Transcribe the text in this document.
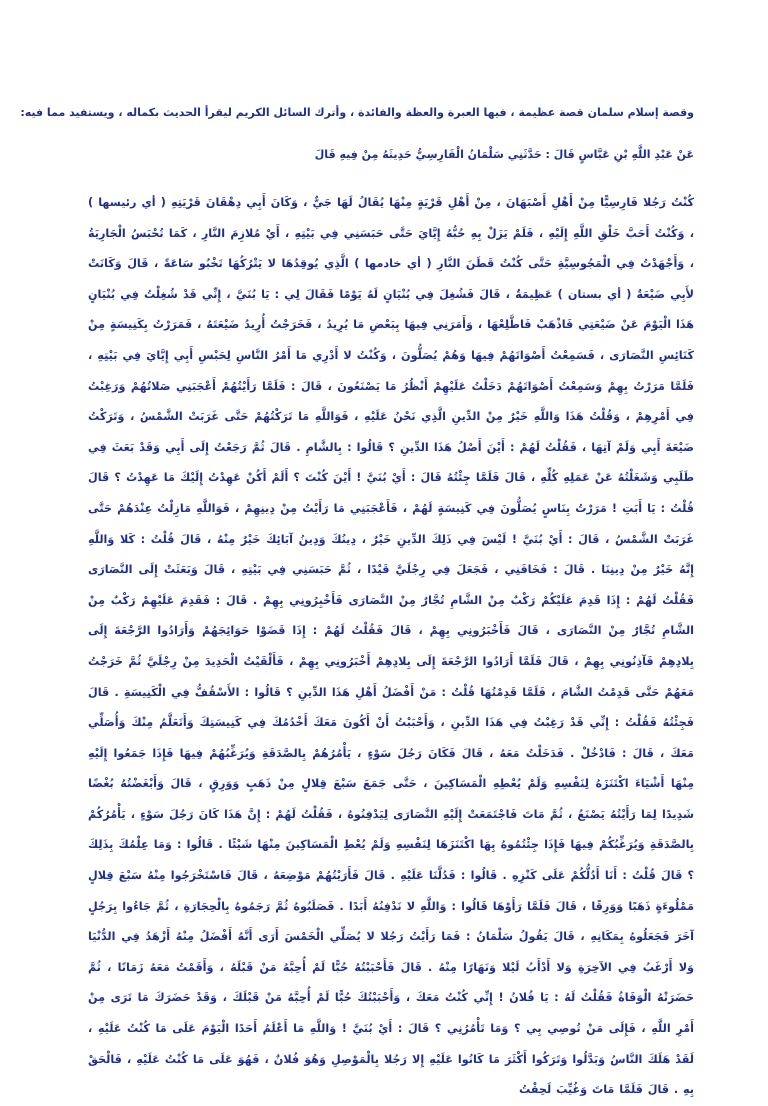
وقصة إسلام سلمان قصة عظيمة ، فيها العبرة والعظة والفائدة ، وأترك السائل الكريم ليقرأ الحديث بكماله ، ويستفيد مما فيه:

عَنْ عَبْدِ اللَّهِ بْنِ عَبَّاسٍ قَالَ : حَدَّثَنِي سَلْمَانُ الْفَارِسِيُّ حَدِيثَهُ مِنْ فِيهِ قَالَ

كُنْتُ رَجُلا فَارِسِيًّا مِنْ أَهْلِ أَصْبَهَانَ ، مِنْ أَهْلِ قَرْيَةٍ مِنْهَا يُقَالُ لَهَا جَيٌّ ، وَكَانَ أَبِي دِهْقَانَ قَرْيَتِهِ ( أي رئيسها ) ، وَكُنْتُ أَحَبَّ خَلْقِ اللَّهِ إِلَيْهِ ، فَلَمْ يَزَلْ بِهِ حُبُّهُ إِيَّايَ حَتَّى حَبَسَنِي فِي بَيْتِهِ ، أَيْ مُلازِمَ النَّارِ ، كَمَا تُحْبَسُ الْجَارِيَةُ ، وَأَجْهَدْتُ فِي الْمَجُوسِيَّةِ حَتَّى كُنْتُ قَطَنَ النَّارِ ( أي خادمها ) الَّذِي يُوقِدُهَا لا يَتْرُكُهَا تَخْبُو سَاعَةً ، قَالَ وَكَانَتْ لأَبِي ضَيْعَةٌ ( أي بستان ) عَظِيمَةٌ ، قَالَ فَشُغِلَ فِي بُنْيَانٍ لَهُ يَوْمًا فَقَالَ لِي : يَا بُنَيَّ ، إِنِّي قَدْ شُغِلْتُ فِي بُنْيَانٍ هَذَا الْيَوْمَ عَنْ ضَيْعَتِي فَاذْهَبْ فَاطَّلِعْهَا ، وَأَمَرَنِي فِيهَا بِبَعْضِ مَا يُرِيدُ ، فَخَرَجْتُ أُرِيدُ ضَيْعَتَهُ ، فَمَرَرْتُ بِكَنِيسَةٍ مِنْ كَنَائِسِ النَّصَارَى ، فَسَمِعْتُ أَصْوَاتَهُمْ فِيهَا وَهُمْ يُصَلُّونَ ، وَكُنْتُ لا أَدْرِي مَا أَمْرُ النَّاسِ لِحَبْسِ أَبِي إِيَّايَ فِي بَيْتِهِ ، فَلَمَّا مَرَرْتُ بِهِمْ وَسَمِعْتُ أَصْوَاتَهُمْ دَخَلْتُ عَلَيْهِمْ أَنْظُرُ مَا يَصْنَعُونَ ، قَالَ : فَلَمَّا رَأَيْتُهُمْ أَعْجَبَنِي صَلاتُهُمْ وَرَغِبْتُ فِي أَمْرِهِمْ ، وَقُلْتُ هَذَا وَاللَّهِ خَيْرٌ مِنْ الدِّينِ الَّذِي نَحْنُ عَلَيْهِ ، فَوَاللَّهِ مَا تَرَكْتُهُمْ حَتَّى غَرَبَتْ الشَّمْسُ ، وَتَرَكْتُ ضَيْعَةَ أَبِي وَلَمْ آتِهَا ، فَقُلْتُ لَهُمْ : أَيْنَ أَصْلُ هَذَا الدِّينِ ؟ قَالُوا : بِالشَّامِ . قَالَ ثُمَّ رَجَعْتُ إِلَى أَبِي وَقَدْ بَعَثَ فِي طَلَبِي وَشَغَلْتُهُ عَنْ عَمَلِهِ كُلِّهِ ، قَالَ فَلَمَّا جِئْتُهُ قَالَ : أَيْ بُنَيَّ ! أَيْنَ كُنْتَ ؟ أَلَمْ أَكُنْ عَهِدْتُ إِلَيْكَ مَا عَهِدْتُ ؟ قَالَ قُلْتُ : يَا أَبَتِ ! مَرَرْتُ بِنَاسٍ يُصَلُّونَ فِي كَنِيسَةٍ لَهُمْ ، فَأَعْجَبَنِي مَا رَأَيْتُ مِنْ دِينِهِمْ ، فَوَاللَّهِ مَازِلْتُ عِنْدَهُمْ حَتَّى غَرَبَتْ الشَّمْسُ ، قَالَ : أَيْ بُنَيَّ ! لَيْسَ فِي ذَلِكَ الدِّينِ خَيْرٌ ، دِينُكَ وَدِينُ آبَائِكَ خَيْرٌ مِنْهُ ، قَالَ قُلْتُ : كَلا وَاللَّهِ إِنَّهُ خَيْرٌ مِنْ دِينِنَا . قَالَ : فَخَافَنِي ، فَجَعَلَ فِي رِجْلَيَّ قَيْدًا ، ثُمَّ حَبَسَنِي فِي بَيْتِهِ ، قَالَ وَبَعَثَتْ إِلَى النَّصَارَى فَقُلْتُ لَهُمْ : إِذَا قَدِمَ عَلَيْكُمْ رَكْبٌ مِنْ الشَّامِ تُجَّارٌ مِنْ النَّصَارَى فَأَخْبِرُونِي بِهِمْ . قَالَ : فَقَدِمَ عَلَيْهِمْ رَكْبٌ مِنْ الشَّامِ تُجَّارٌ مِنْ النَّصَارَى ، قَالَ فَأَخْبَرُونِي بِهِمْ ، قَالَ فَقُلْتُ لَهُمْ : إِذَا قَضَوْا حَوَائِجَهُمْ وَأَرَادُوا الرَّجْعَةَ إِلَى بِلادِهِمْ فَآذِنُونِي بِهِمْ ، قَالَ فَلَمَّا أَرَادُوا الرَّجْعَةَ إِلَى بِلادِهِمْ أَخْبَرُونِي بِهِمْ ، فَأَلْقَيْتُ الْحَدِيدَ مِنْ رِجْلَيَّ ثُمَّ خَرَجْتُ مَعَهُمْ حَتَّى قَدِمْتُ الشَّامَ ، فَلَمَّا قَدِمْتُهَا قُلْتُ : مَنْ أَفْضَلُ أَهْلِ هَذَا الدِّينِ ؟ قَالُوا : الأَسْقُفُّ فِي الْكَنِيسَةِ . قَالَ فَجِئْتُهُ فَقُلْتُ : إِنِّي قَدْ رَغِبْتُ فِي هَذَا الدِّينِ ، وَأَحْبَبْتُ أَنْ أَكُونَ مَعَكَ أَخْدُمُكَ فِي كَنِيسَتِكَ وَأَتَعَلَّمُ مِنْكَ وَأُصَلِّي مَعَكَ ، قَالَ : فَادْخُلْ . فَدَخَلْتُ مَعَهُ ، قَالَ فَكَانَ رَجُلَ سَوْءٍ ، يَأْمُرُهُمْ بِالصَّدَقَةِ وَيُرَغِّبُهُمْ فِيهَا فَإِذَا جَمَعُوا إِلَيْهِ مِنْهَا أَشْيَاءَ اكْتَنَزَهُ لِنَفْسِهِ وَلَمْ يُعْطِهِ الْمَسَاكِينَ ، حَتَّى جَمَعَ سَبْعَ قِلالٍ مِنْ ذَهَبٍ وَوَرِقٍ ، قَالَ وَأَبْغَضْتُهُ بُغْضًا شَدِيدًا لِمَا رَأَيْتُهُ يَصْنَعُ ، ثُمَّ مَاتَ فَاجْتَمَعَتْ إِلَيْهِ النَّصَارَى لِيَدْفِنُوهُ ، فَقُلْتُ لَهُمْ : إِنَّ هَذَا كَانَ رَجُلَ سَوْءٍ ، يَأْمُرُكُمْ بِالصَّدَقَةِ وَيُرَغِّبُكُمْ فِيهَا فَإِذَا جِئْتُمُوهُ بِهَا اكْتَنَزَهَا لِنَفْسِهِ وَلَمْ يُعْطِ الْمَسَاكِينَ مِنْهَا شَيْئًا . قَالُوا : وَمَا عِلْمُكَ بِذَلِكَ ؟ قَالَ قُلْتُ : أَنَا أَدُلُّكُمْ عَلَى كَنْزِهِ . قَالُوا : فَدُلَّنَا عَلَيْهِ . قَالَ فَأَرَيْتُهُمْ مَوْضِعَهُ ، قَالَ فَاسْتَخْرَجُوا مِنْهُ سَبْعَ قِلالٍ مَمْلُوءَةٍ ذَهَبًا وَوَرِقًا ، قَالَ فَلَمَّا رَأَوْهَا قَالُوا : وَاللَّهِ لا نَدْفِنُهُ أَبَدًا . فَصَلَبُوهُ ثُمَّ رَجَمُوهُ بِالْحِجَارَةِ ، ثُمَّ جَاءُوا بِرَجُلٍ آخَرَ فَجَعَلُوهُ بِمَكَانِهِ ، قَالَ يَقُولُ سَلْمَانُ : فَمَا رَأَيْتُ رَجُلا لا يُصَلِّي الْخَمْسَ أَرَى أَنَّهُ أَفْضَلُ مِنْهُ أَزْهَدُ فِي الدُّنْيَا وَلا أَرْغَبُ فِي الآخِرَةِ وَلا أَدْأَبُ لَيْلا وَنَهَارًا مِنْهُ . قَالَ فَأَحْبَبْتُهُ حُبًّا لَمْ أُحِبَّهُ مَنْ قَبْلَهُ ، وَأَقَمْتُ مَعَهُ زَمَانًا ، ثُمَّ حَضَرَتْهُ الْوَفَاةُ فَقُلْتُ لَهُ : يَا فُلانُ ! إِنِّي كُنْتُ مَعَكَ ، وَأَحْبَبْتُكَ حُبًّا لَمْ أُحِبَّهُ مَنْ قَبْلَكَ ، وَقَدْ حَضَرَكَ مَا تَرَى مِنْ أَمْرِ اللَّهِ ، فَإِلَى مَنْ تُوصِي بِي ؟ وَمَا تَأْمُرُنِي ؟ قَالَ : أَيْ بُنَيَّ ! وَاللَّهِ مَا أَعْلَمُ أَحَدًا الْيَوْمَ عَلَى مَا كُنْتُ عَلَيْهِ ، لَقَدْ هَلَكَ النَّاسُ وَبَدَّلُوا وَتَرَكُوا أَكْثَرَ مَا كَانُوا عَلَيْهِ إِلا رَجُلا بِالْمَوْصِلِ وَهُوَ فُلانٌ ، فَهُوَ عَلَى مَا كُنْتُ عَلَيْهِ ، فَالْحَقْ بِهِ . قَالَ فَلَمَّا مَاتَ وَغُيِّبَ لَحِقْتُ
